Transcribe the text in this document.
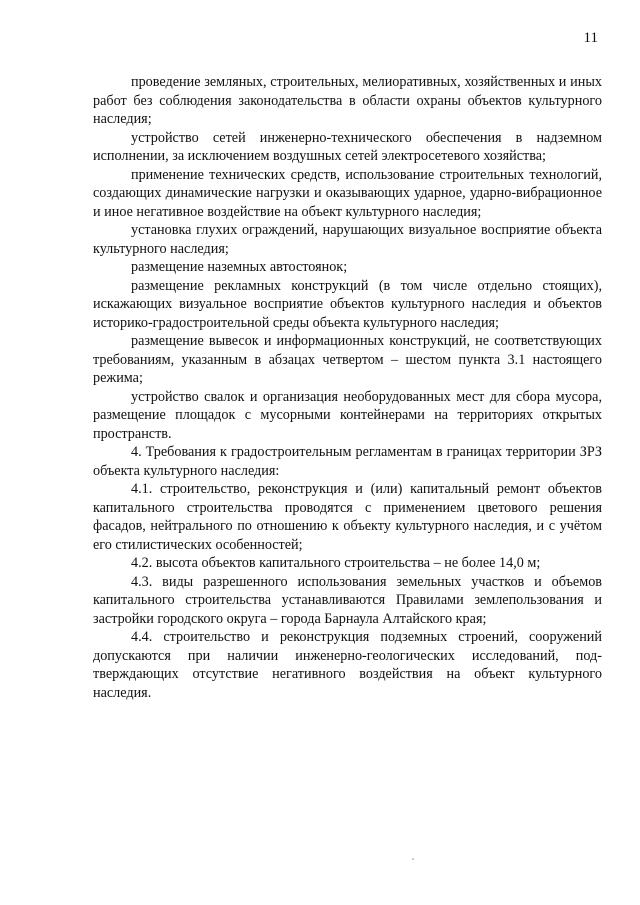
11

проведение земляных, строительных, мелиоративных, хозяйственных и иных работ без соблюдения законодательства в области охраны объектов культурного наследия;

устройство сетей инженерно-технического обеспечения в надземном исполнении, за исключением воздушных сетей электросетевого хозяйства;

применение технических средств, использование строительных технологий, создающих динамические нагрузки и оказывающих ударное, ударно-вибрационное и иное негативное воздействие на объект культурного наследия;

установка глухих ограждений, нарушающих визуальное восприятие объекта культурного наследия;

размещение наземных автостоянок;

размещение рекламных конструкций (в том числе отдельно стоящих), искажающих визуальное восприятие объектов культурного наследия и объектов историко-градостроительной среды объекта культурного наследия;

размещение вывесок и информационных конструкций, не соответствующих требованиям, указанным в абзацах четвертом – шестом пункта 3.1 настоящего режима;

устройство свалок и организация необорудованных мест для сбора мусора, размещение площадок с мусорными контейнерами на территориях открытых пространств.

4. Требования к градостроительным регламентам в границах территории ЗРЗ объекта культурного наследия:

4.1. строительство, реконструкция и (или) капитальный ремонт объектов капитального строительства проводятся с применением цветового решения фасадов, нейтрального по отношению к объекту культурного наследия, и с учётом его стилистических особенностей;

4.2. высота объектов капитального строительства – не более 14,0 м;

4.3. виды разрешенного использования земельных участков и объемов капитального строительства устанавливаются Правилами землепользования и застройки городского округа – города Барнаула Алтайского края;

4.4. строительство и реконструкция подземных строений, сооружений допускаются при наличии инженерно-геологических исследований, подтверждающих отсутствие негативного воздействия на объект культурного наследия.
